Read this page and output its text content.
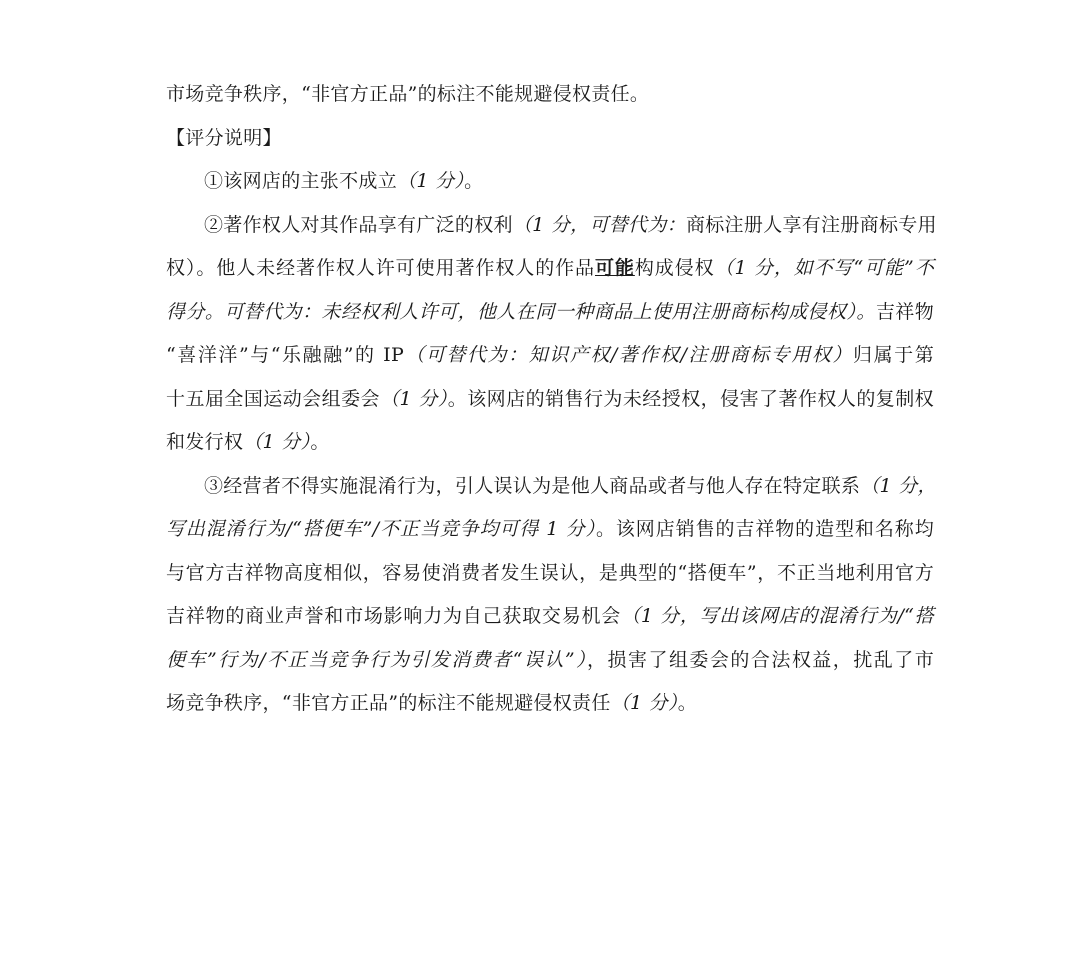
市场竞争秩序，“非官方正品”的标注不能规避侵权责任。
【评分说明】
①该网店的主张不成立（1 分）。
②著作权人对其作品享有广泛的权利（1 分，可替代为：商标注册人享有注册商标专用
权）。他人未经著作权人许可使用著作权人的作品可能构成侵权（1 分，如不写“可能”不
得分。可替代为：未经权利人许可，他人在同一种商品上使用注册商标构成侵权）。吉祥物
“喜洋洋”与“乐融融”的 IP（可替代为：知识产权/著作权/注册商标专用权）归属于第
十五届全国运动会组委会（1 分）。该网店的销售行为未经授权，侵害了著作权人的复制权
和发行权（1 分）。
③经营者不得实施混淆行为，引人误认为是他人商品或者与他人存在特定联系（1 分，
写出混淆行为/“搭便车”/不正当竞争均可得 1 分）。该网店销售的吉祥物的造型和名称均
与官方吉祥物高度相似，容易使消费者发生误认，是典型的“搭便车”，不正当地利用官方
吉祥物的商业声誉和市场影响力为自己获取交易机会（1 分，写出该网店的混淆行为/“搭
便车”行为/不正当竞争行为引发消费者“误认”），损害了组委会的合法权益，扰乱了市
场竞争秩序，“非官方正品”的标注不能规避侵权责任（1 分）。
